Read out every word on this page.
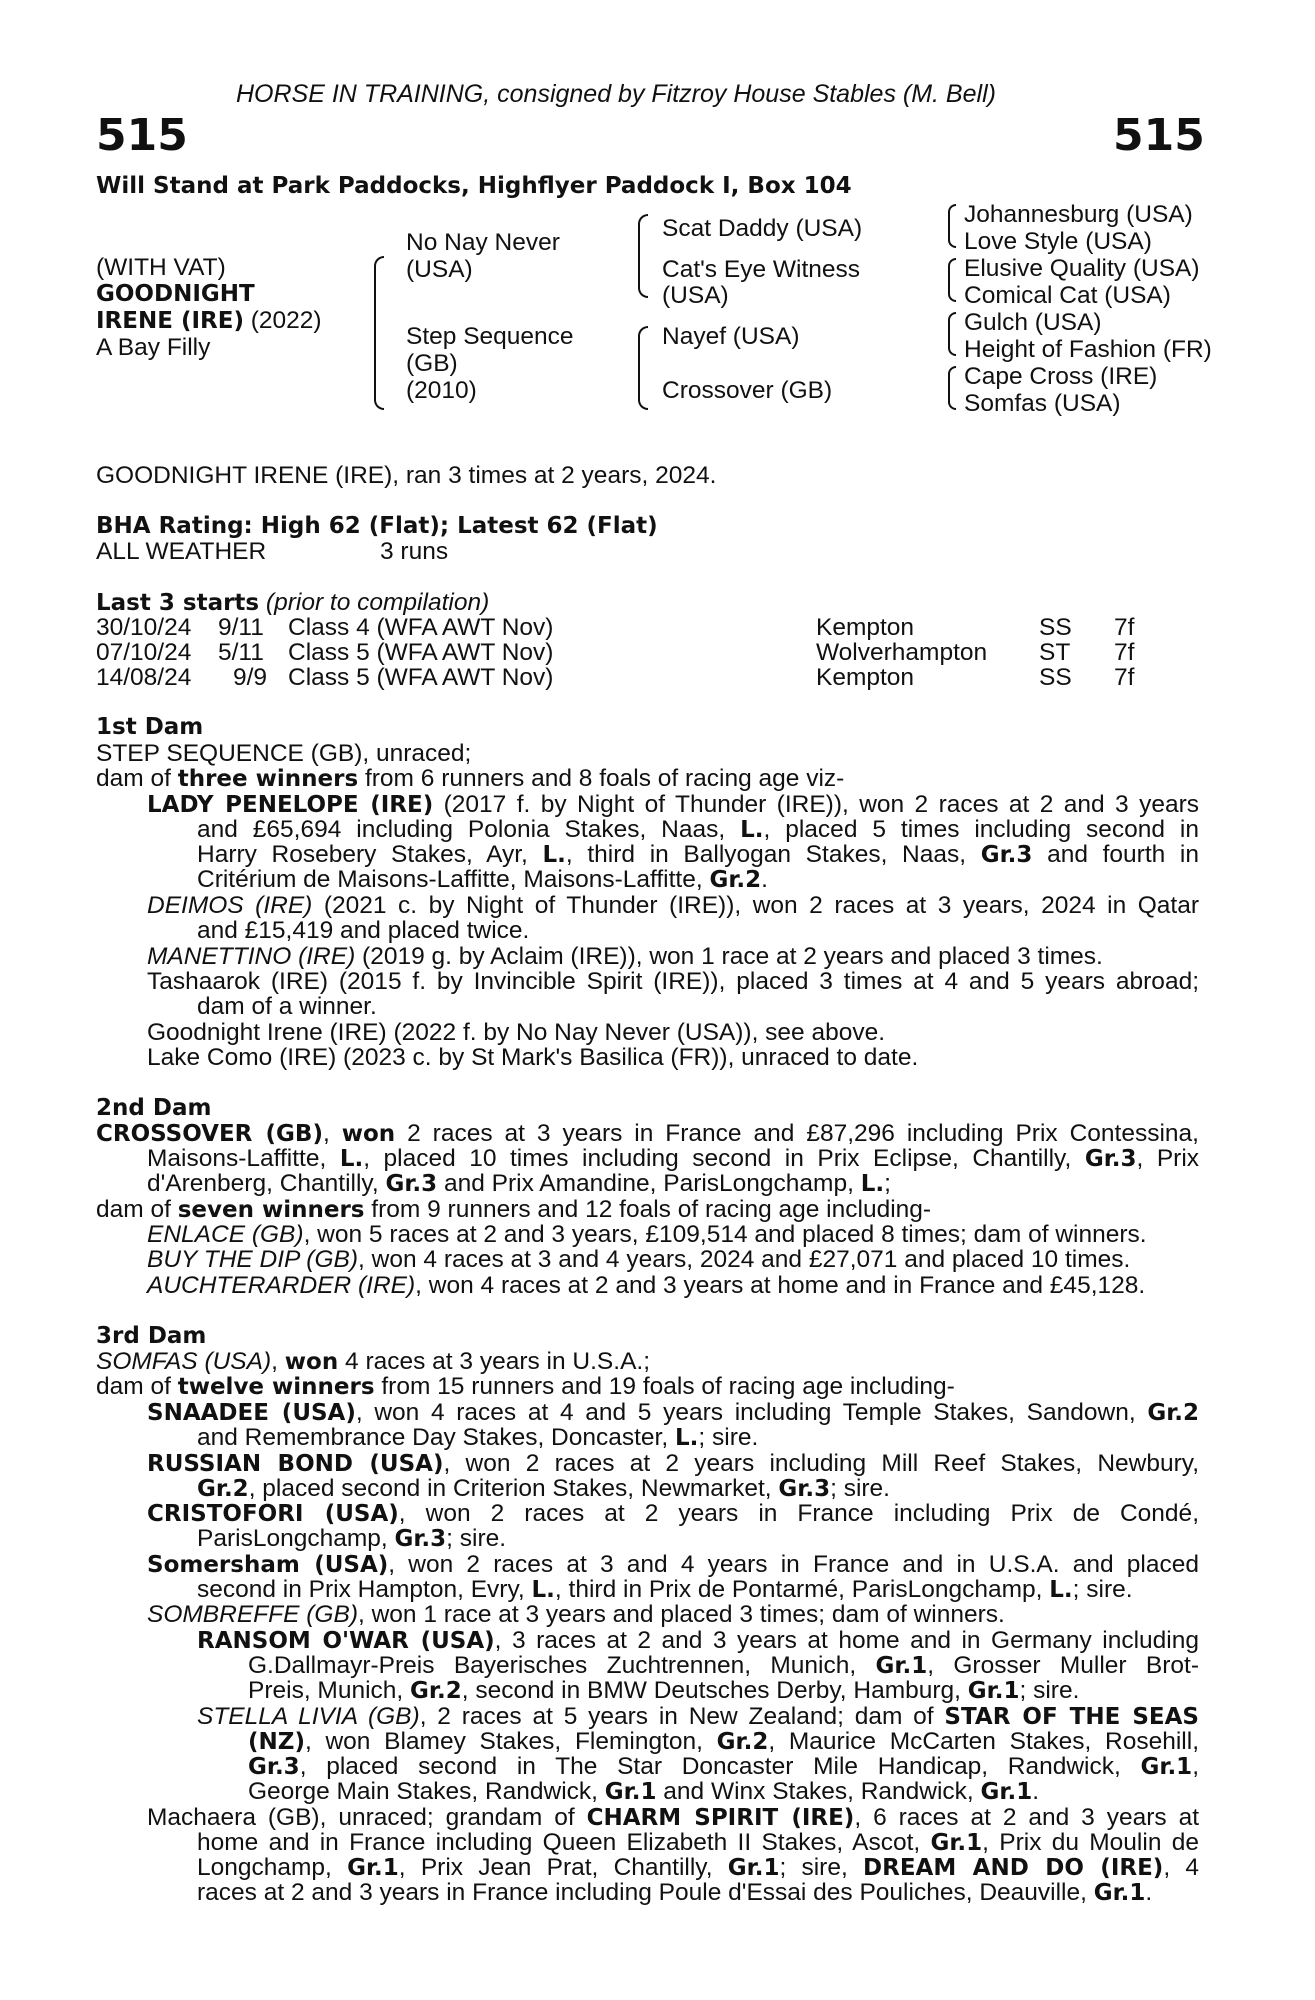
HORSE IN TRAINING, consigned by Fitzroy House Stables (M. Bell)
515	515
Will Stand at Park Paddocks, Highflyer Paddock I, Box 104
(WITH VAT)
GOODNIGHT
IRENE (IRE) (2022)
A Bay Filly
No Nay Never
(USA)
Step Sequence
(GB)
(2010)
Scat Daddy (USA)
Cat's Eye Witness
(USA)
Nayef (USA)
Crossover (GB)
Johannesburg (USA)
Love Style (USA)
Elusive Quality (USA)
Comical Cat (USA)
Gulch (USA)
Height of Fashion (FR)
Cape Cross (IRE)
Somfas (USA)
GOODNIGHT IRENE (IRE), ran 3 times at 2 years, 2024.
BHA Rating: High 62 (Flat); Latest 62 (Flat)
ALL WEATHER	3 runs
Last 3 starts (prior to compilation)
30/10/24 9/11 Class 4 (WFA AWT Nov)	Kempton	SS 7f
07/10/24 5/11 Class 5 (WFA AWT Nov)	Wolverhampton ST 7f
14/08/24 9/9 Class 5 (WFA AWT Nov)	Kempton	SS 7f
1st Dam
STEP SEQUENCE (GB), unraced;
dam of three winners from 6 runners and 8 foals of racing age viz-
LADY PENELOPE (IRE) (2017 f. by Night of Thunder (IRE)), won 2 races at 2 and 3 years
and £65,694 including Polonia Stakes, Naas, L., placed 5 times including second in
Harry Rosebery Stakes, Ayr, L., third in Ballyogan Stakes, Naas, Gr.3 and fourth in
Critérium de Maisons-Laffitte, Maisons-Laffitte, Gr.2.
DEIMOS (IRE) (2021 c. by Night of Thunder (IRE)), won 2 races at 3 years, 2024 in Qatar
and £15,419 and placed twice.
MANETTINO (IRE) (2019 g. by Aclaim (IRE)), won 1 race at 2 years and placed 3 times.
Tashaarok (IRE) (2015 f. by Invincible Spirit (IRE)), placed 3 times at 4 and 5 years abroad;
dam of a winner.
Goodnight Irene (IRE) (2022 f. by No Nay Never (USA)), see above.
Lake Como (IRE) (2023 c. by St Mark's Basilica (FR)), unraced to date.
2nd Dam
CROSSOVER (GB), won 2 races at 3 years in France and £87,296 including Prix Contessina,
Maisons-Laffitte, L., placed 10 times including second in Prix Eclipse, Chantilly, Gr.3, Prix
d'Arenberg, Chantilly, Gr.3 and Prix Amandine, ParisLongchamp, L.;
dam of seven winners from 9 runners and 12 foals of racing age including-
ENLACE (GB), won 5 races at 2 and 3 years, £109,514 and placed 8 times; dam of winners.
BUY THE DIP (GB), won 4 races at 3 and 4 years, 2024 and £27,071 and placed 10 times.
AUCHTERARDER (IRE), won 4 races at 2 and 3 years at home and in France and £45,128.
3rd Dam
SOMFAS (USA), won 4 races at 3 years in U.S.A.;
dam of twelve winners from 15 runners and 19 foals of racing age including-
SNAADEE (USA), won 4 races at 4 and 5 years including Temple Stakes, Sandown, Gr.2
and Remembrance Day Stakes, Doncaster, L.; sire.
RUSSIAN BOND (USA), won 2 races at 2 years including Mill Reef Stakes, Newbury,
Gr.2, placed second in Criterion Stakes, Newmarket, Gr.3; sire.
CRISTOFORI (USA), won 2 races at 2 years in France including Prix de Condé,
ParisLongchamp, Gr.3; sire.
Somersham (USA), won 2 races at 3 and 4 years in France and in U.S.A. and placed
second in Prix Hampton, Evry, L., third in Prix de Pontarmé, ParisLongchamp, L.; sire.
SOMBREFFE (GB), won 1 race at 3 years and placed 3 times; dam of winners.
RANSOM O'WAR (USA), 3 races at 2 and 3 years at home and in Germany including
G.Dallmayr-Preis Bayerisches Zuchtrennen, Munich, Gr.1, Grosser Muller Brot-
Preis, Munich, Gr.2, second in BMW Deutsches Derby, Hamburg, Gr.1; sire.
STELLA LIVIA (GB), 2 races at 5 years in New Zealand; dam of STAR OF THE SEAS
(NZ), won Blamey Stakes, Flemington, Gr.2, Maurice McCarten Stakes, Rosehill,
Gr.3, placed second in The Star Doncaster Mile Handicap, Randwick, Gr.1,
George Main Stakes, Randwick, Gr.1 and Winx Stakes, Randwick, Gr.1.
Machaera (GB), unraced; grandam of CHARM SPIRIT (IRE), 6 races at 2 and 3 years at
home and in France including Queen Elizabeth II Stakes, Ascot, Gr.1, Prix du Moulin de
Longchamp, Gr.1, Prix Jean Prat, Chantilly, Gr.1; sire, DREAM AND DO (IRE), 4
races at 2 and 3 years in France including Poule d'Essai des Pouliches, Deauville, Gr.1.
